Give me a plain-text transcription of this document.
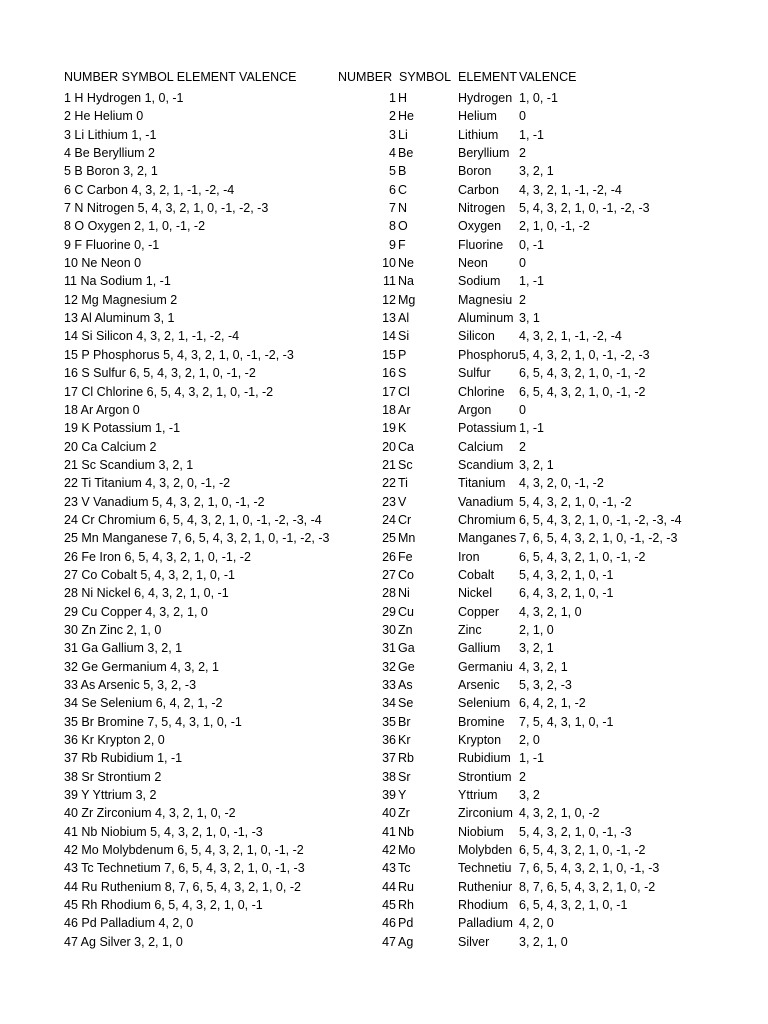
NUMBER SYMBOL ELEMENT VALENCE	NUMBER SYMBOL ELEMENT VALENCE
1 H Hydrogen 1, 0, -1
2 He Helium 0
3 Li Lithium 1, -1
4 Be Beryllium 2
5 B Boron 3, 2, 1
6 C Carbon 4, 3, 2, 1, -1, -2, -4
7 N Nitrogen 5, 4, 3, 2, 1, 0, -1, -2, -3
8 O Oxygen 2, 1, 0, -1, -2
9 F Fluorine 0, -1
10 Ne Neon 0
11 Na Sodium 1, -1
12 Mg Magnesium 2
13 Al Aluminum 3, 1
14 Si Silicon 4, 3, 2, 1, -1, -2, -4
15 P Phosphorus 5, 4, 3, 2, 1, 0, -1, -2, -3
16 S Sulfur 6, 5, 4, 3, 2, 1, 0, -1, -2
17 Cl Chlorine 6, 5, 4, 3, 2, 1, 0, -1, -2
18 Ar Argon 0
19 K Potassium 1, -1
20 Ca Calcium 2
21 Sc Scandium 3, 2, 1
22 Ti Titanium 4, 3, 2, 0, -1, -2
23 V Vanadium 5, 4, 3, 2, 1, 0, -1, -2
24 Cr Chromium 6, 5, 4, 3, 2, 1, 0, -1, -2, -3, -4
25 Mn Manganese 7, 6, 5, 4, 3, 2, 1, 0, -1, -2, -3
26 Fe Iron 6, 5, 4, 3, 2, 1, 0, -1, -2
27 Co Cobalt 5, 4, 3, 2, 1, 0, -1
28 Ni Nickel 6, 4, 3, 2, 1, 0, -1
29 Cu Copper 4, 3, 2, 1, 0
30 Zn Zinc 2, 1, 0
31 Ga Gallium 3, 2, 1
32 Ge Germanium 4, 3, 2, 1
33 As Arsenic 5, 3, 2, -3
34 Se Selenium 6, 4, 2, 1, -2
35 Br Bromine 7, 5, 4, 3, 1, 0, -1
36 Kr Krypton 2, 0
37 Rb Rubidium 1, -1
38 Sr Strontium 2
39 Y Yttrium 3, 2
40 Zr Zirconium 4, 3, 2, 1, 0, -2
41 Nb Niobium 5, 4, 3, 2, 1, 0, -1, -3
42 Mo Molybdenum 6, 5, 4, 3, 2, 1, 0, -1, -2
43 Tc Technetium 7, 6, 5, 4, 3, 2, 1, 0, -1, -3
44 Ru Ruthenium 8, 7, 6, 5, 4, 3, 2, 1, 0, -2
45 Rh Rhodium 6, 5, 4, 3, 2, 1, 0, -1
46 Pd Palladium 4, 2, 0
47 Ag Silver 3, 2, 1, 0
1 H	Hydrogen 1, 0, -1
2 He	Helium	0
3 Li	Lithium	1, -1
4 Be	Beryllium 2
5 B	Boron	3, 2, 1
6 C	Carbon	4, 3, 2, 1, -1, -2, -4
7 N	Nitrogen	5, 4, 3, 2, 1, 0, -1, -2, -3
8 O	Oxygen	2, 1, 0, -1, -2
9 F	Fluorine	0, -1
10 Ne	Neon	0
11 Na	Sodium	1, -1
12 Mg	Magnesiu 2
13 Al	Aluminum 3, 1
14 Si	Silicon	4, 3, 2, 1, -1, -2, -4
15 P	Phosphoru 5, 4, 3, 2, 1, 0, -1, -2, -3
16 S	Sulfur	6, 5, 4, 3, 2, 1, 0, -1, -2
17 Cl	Chlorine	6, 5, 4, 3, 2, 1, 0, -1, -2
18 Ar	Argon	0
19 K	Potassium 1, -1
20 Ca	Calcium	2
21 Sc	Scandium 3, 2, 1
22 Ti	Titanium	4, 3, 2, 0, -1, -2
23 V	Vanadium 5, 4, 3, 2, 1, 0, -1, -2
24 Cr	Chromium 6, 5, 4, 3, 2, 1, 0, -1, -2, -3, -4
25 Mn	Manganes 7, 6, 5, 4, 3, 2, 1, 0, -1, -2, -3
26 Fe	Iron	6, 5, 4, 3, 2, 1, 0, -1, -2
27 Co	Cobalt	5, 4, 3, 2, 1, 0, -1
28 Ni	Nickel	6, 4, 3, 2, 1, 0, -1
29 Cu	Copper	4, 3, 2, 1, 0
30 Zn	Zinc	2, 1, 0
31 Ga	Gallium	3, 2, 1
32 Ge	Germaniu 4, 3, 2, 1
33 As	Arsenic	5, 3, 2, -3
34 Se	Selenium 6, 4, 2, 1, -2
35 Br	Bromine	7, 5, 4, 3, 1, 0, -1
36 Kr	Krypton	2, 0
37 Rb	Rubidium 1, -1
38 Sr	Strontium 2
39 Y	Yttrium	3, 2
40 Zr	Zirconium 4, 3, 2, 1, 0, -2
41 Nb	Niobium	5, 4, 3, 2, 1, 0, -1, -3
42 Mo	Molybden 6, 5, 4, 3, 2, 1, 0, -1, -2
43 Tc	Technetiu 7, 6, 5, 4, 3, 2, 1, 0, -1, -3
44 Ru	Rutheniur 8, 7, 6, 5, 4, 3, 2, 1, 0, -2
45 Rh	Rhodium 6, 5, 4, 3, 2, 1, 0, -1
46 Pd	Palladium 4, 2, 0
47 Ag	Silver	3, 2, 1, 0
